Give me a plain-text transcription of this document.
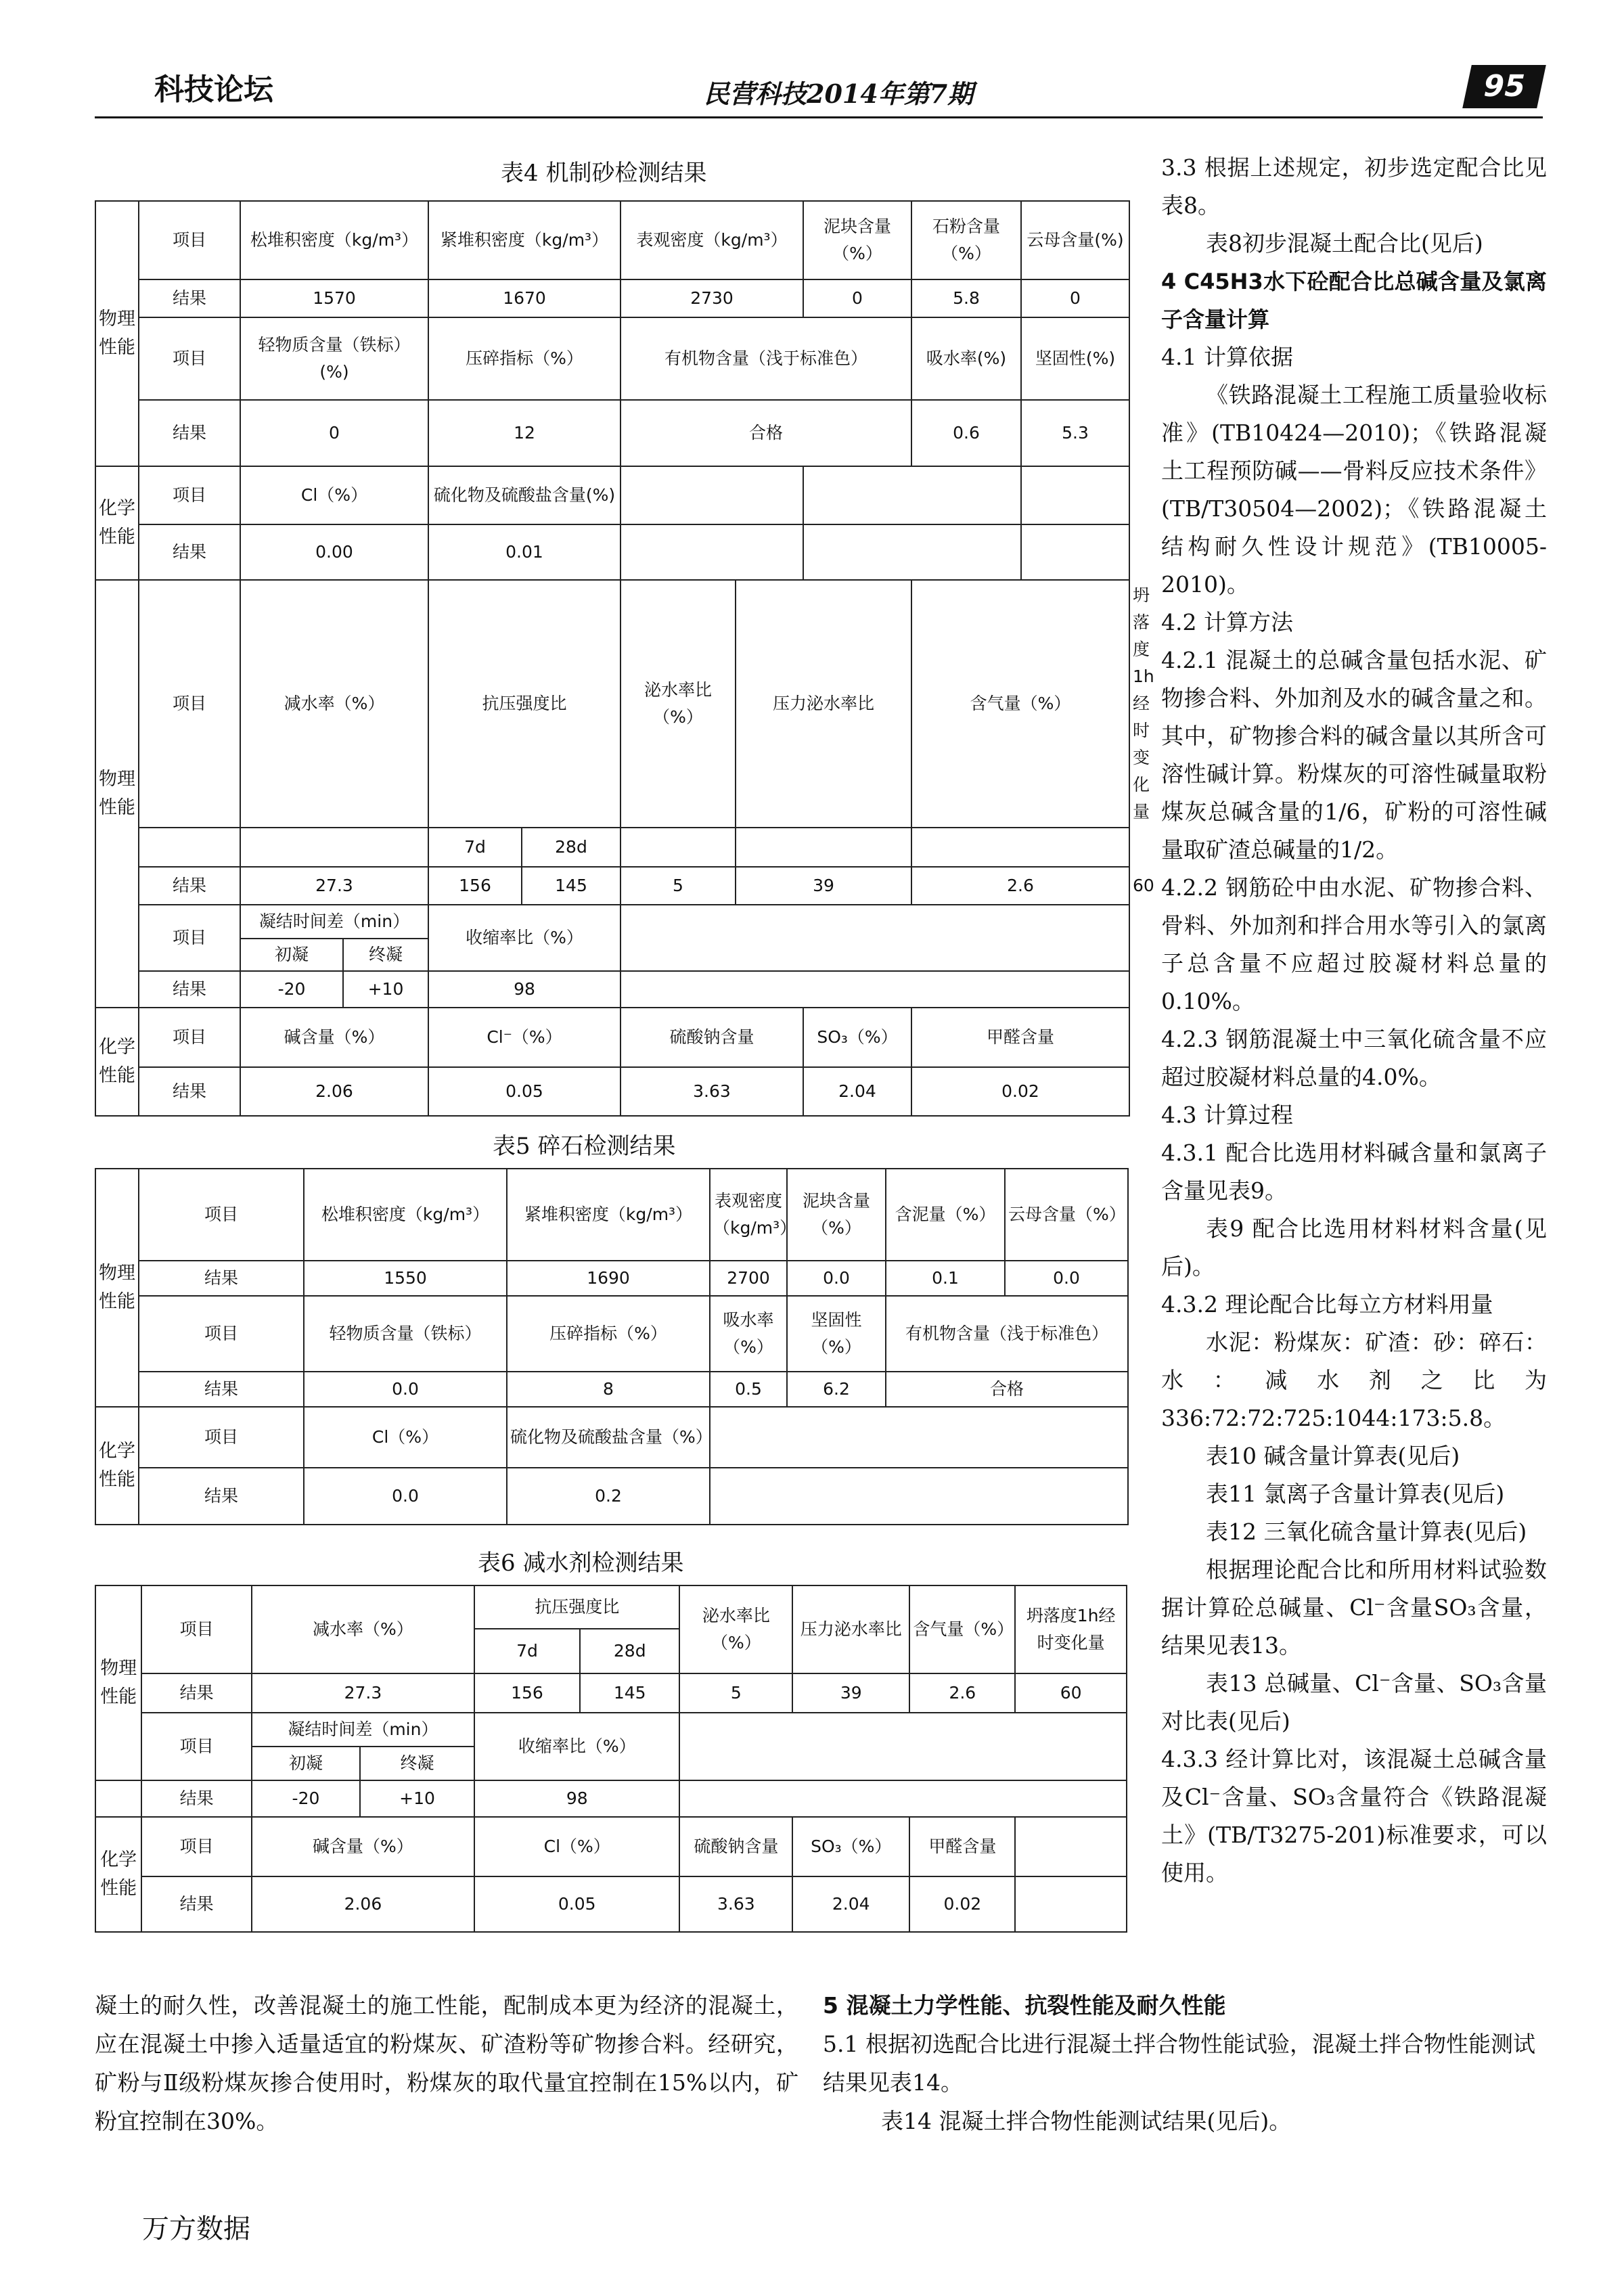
科技论坛	民营科技2014年第7期	95
表4 机制砂检测结果
物理性能	项目	松堆积密度（kg/m³）		紧堆积密度（kg/m³）		表观密度（kg/m³）		泥块含量（%）	石粉含量（%）	云母含量(%)	
	结果	1570		1670		2730		0	5.8	0	
	项目	轻物质含量（铁标）(%)		压碎指标（%）		有机物含量（浅于标准色）			吸水率(%)	坚固性(%)	
	结果	0		12		合格			0.6	5.3	
化学性能	项目	Cl（%）		硫化物及硫酸盐含量(%)							
	结果	0.00		0.01							
物理性能	项目	减水率（%）		抗压强度比		泌水率比（%）	压力泌水率比		含气量（%）		坍落度1h经时变化量
				7d	28d						
	结果	27.3		156	145	5	39		2.6		60
	项目	凝结时间差（min）		收缩率比（%）							
		初凝	终凝								
	结果	-20	+10	98							
化学性能	项目	碱含量（%）		Cl⁻（%）		硫酸钠含量		SO₃（%）	甲醛含量		
	结果	2.06		0.05		3.63		2.04	0.02		
表5 碎石检测结果
物理性能	项目	松堆积密度（kg/m³）	紧堆积密度（kg/m³）	表观密度（kg/m³）	泥块含量（%）	含泥量（%）	云母含量（%）
	结果	1550	1690	2700	0.0	0.1	0.0
	项目	轻物质含量（铁标）	压碎指标（%）	吸水率（%）	坚固性（%）	有机物含量（浅于标准色）	
	结果	0.0	8	0.5	6.2	合格	
化学性能	项目	Cl（%）	硫化物及硫酸盐含量（%）				
	结果	0.0	0.2				
表6 减水剂检测结果
物理性能	项目	减水率（%）		抗压强度比		泌水率比（%）	压力泌水率比	含气量（%）	坍落度1h经时变化量
				7d	28d				
	结果	27.3		156	145	5	39	2.6	60
	项目	凝结时间差（min）		收缩率比（%）					
		初凝	终凝						
	结果	-20	+10	98					
化学性能	项目	碱含量（%）		Cl（%）		硫酸钠含量	SO₃（%）	甲醛含量	
	结果	2.06		0.05		3.63	2.04	0.02	

3.3 根据上述规定，初步选定配合比见表8。

表8初步混凝土配合比(见后)

4 C45H3水下砼配合比总碱含量及氯离子含量计算

4.1 计算依据

《铁路混凝土工程施工质量验收标准》(TB10424—2010)；《铁路混凝土工程预防碱——骨料反应技术条件》(TB/T30504—2002)；《铁路混凝土结构耐久性设计规范》(TB10005-2010)。

4.2 计算方法

4.2.1 混凝土的总碱含量包括水泥、矿物掺合料、外加剂及水的碱含量之和。其中，矿物掺合料的碱含量以其所含可溶性碱计算。粉煤灰的可溶性碱量取粉煤灰总碱含量的1/6，矿粉的可溶性碱量取矿渣总碱量的1/2。

4.2.2 钢筋砼中由水泥、矿物掺合料、骨料、外加剂和拌合用水等引入的氯离子总含量不应超过胶凝材料总量的0.10%。

4.2.3 钢筋混凝土中三氧化硫含量不应超过胶凝材料总量的4.0%。

4.3 计算过程

4.3.1 配合比选用材料碱含量和氯离子含量见表9。

表9 配合比选用材料材料含量(见后)。

4.3.2 理论配合比每立方材料用量

水泥：粉煤灰：矿渣：砂：碎石：水：减水剂之比为336:72:72:725:1044:173:5.8。

表10 碱含量计算表(见后)

表11 氯离子含量计算表(见后)

表12 三氧化硫含量计算表(见后)

根据理论配合比和所用材料试验数据计算砼总碱量、Cl⁻含量SO₃含量，结果见表13。

表13 总碱量、Cl⁻含量、SO₃含量对比表(见后)

4.3.3 经计算比对，该混凝土总碱含量及Cl⁻含量、SO₃含量符合《铁路混凝土》(TB/T3275-201)标准要求，可以使用。

凝土的耐久性，改善混凝土的施工性能，配制成本更为经济的混凝土，应在混凝土中掺入适量适宜的粉煤灰、矿渣粉等矿物掺合料。经研究，矿粉与Ⅱ级粉煤灰掺合使用时，粉煤灰的取代量宜控制在15%以内，矿粉宜控制在30%。

5 混凝土力学性能、抗裂性能及耐久性能

5.1 根据初选配合比进行混凝土拌合物性能试验，混凝土拌合物性能测试结果见表14。

表14 混凝土拌合物性能测试结果(见后)。

万方数据
